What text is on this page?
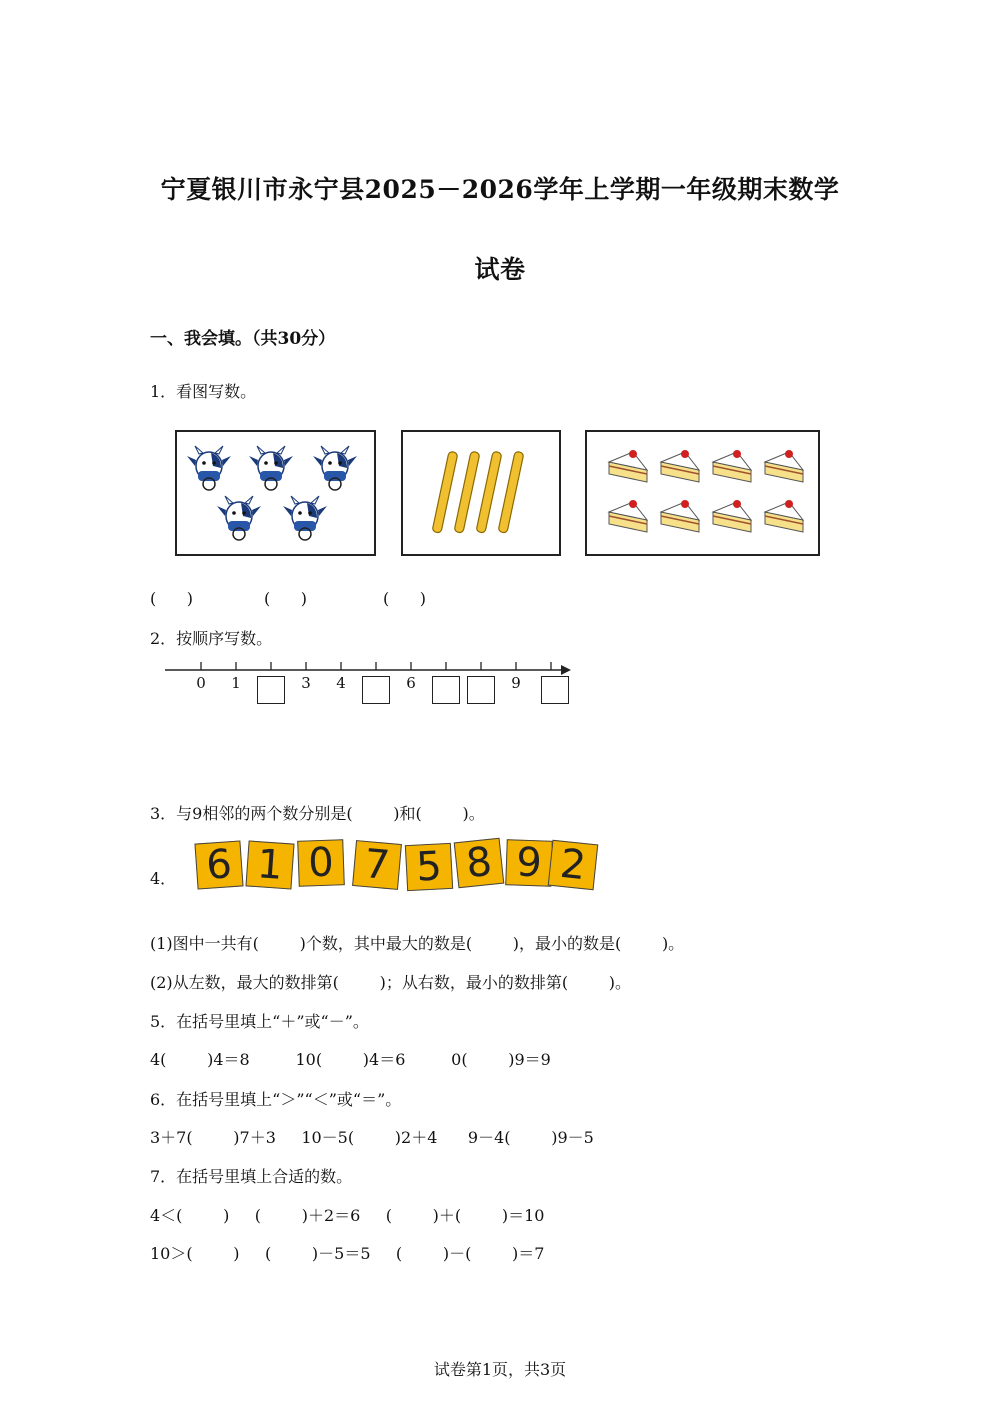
宁夏银川市永宁县2025－2026学年上学期一年级期末数学
试卷
一、我会填。（共30分）
1．看图写数。
(      )	(      )	(      )
2．按顺序写数。
0	1	3	4	6	9
3．与9相邻的两个数分别是(        )和(        )。
4． 6 1 0 7 5 8 9 2
(1)图中一共有(        )个数，其中最大的数是(        )，最小的数是(        )。
(2)从左数，最大的数排第(        )；从右数，最小的数排第(        )。
5．在括号里填上“＋”或“－”。
4(        )4＝8         10(        )4＝6         0(        )9＝9
6．在括号里填上“＞”“＜”或“＝”。
3＋7(        )7＋3     10－5(        )2＋4      9－4(        )9－5
7．在括号里填上合适的数。
4＜(        )     (        )＋2＝6     (        )＋(        )＝10
10＞(        )     (        )－5＝5     (        )－(        )＝7
试卷第1页，共3页
